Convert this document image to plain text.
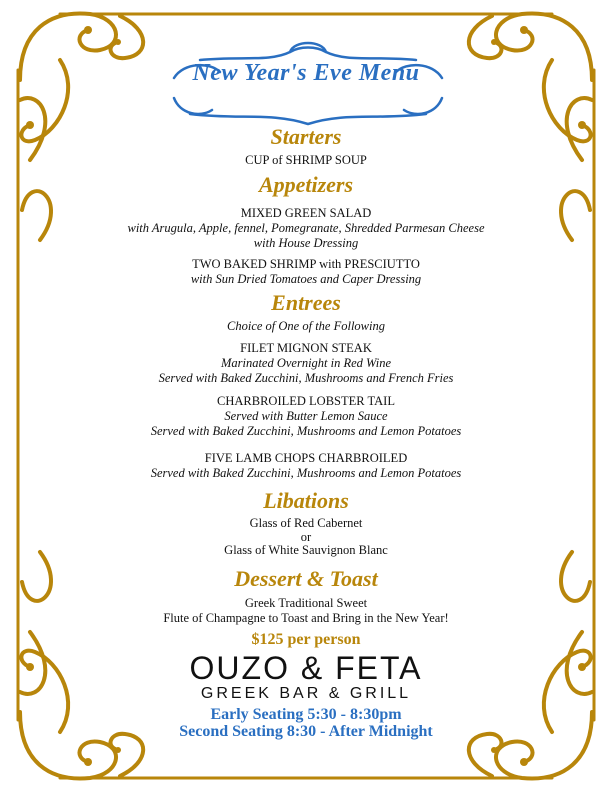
New Year's Eve Menu
Starters
CUP of SHRIMP SOUP
Appetizers
MIXED GREEN SALAD
with Arugula, Apple, fennel, Pomegranate, Shredded Parmesan Cheese
with House Dressing
TWO BAKED SHRIMP with PRESCIUTTO
with Sun Dried Tomatoes and Caper Dressing
Entrees
Choice of One of the Following
FILET MIGNON STEAK
Marinated Overnight in Red Wine
Served with Baked Zucchini, Mushrooms and French Fries
CHARBROILED LOBSTER TAIL
Served with Butter Lemon Sauce
Served with Baked Zucchini, Mushrooms and Lemon Potatoes
FIVE LAMB CHOPS CHARBROILED
Served with Baked Zucchini, Mushrooms and Lemon Potatoes
Libations
Glass of Red Cabernet
or
Glass of White Sauvignon Blanc
Dessert & Toast
Greek Traditional Sweet
Flute of Champagne to Toast and Bring in the New Year!
$125 per person
OUZO & FETA
GREEK BAR & GRILL
Early Seating 5:30 - 8:30pm
Second Seating 8:30 - After Midnight
